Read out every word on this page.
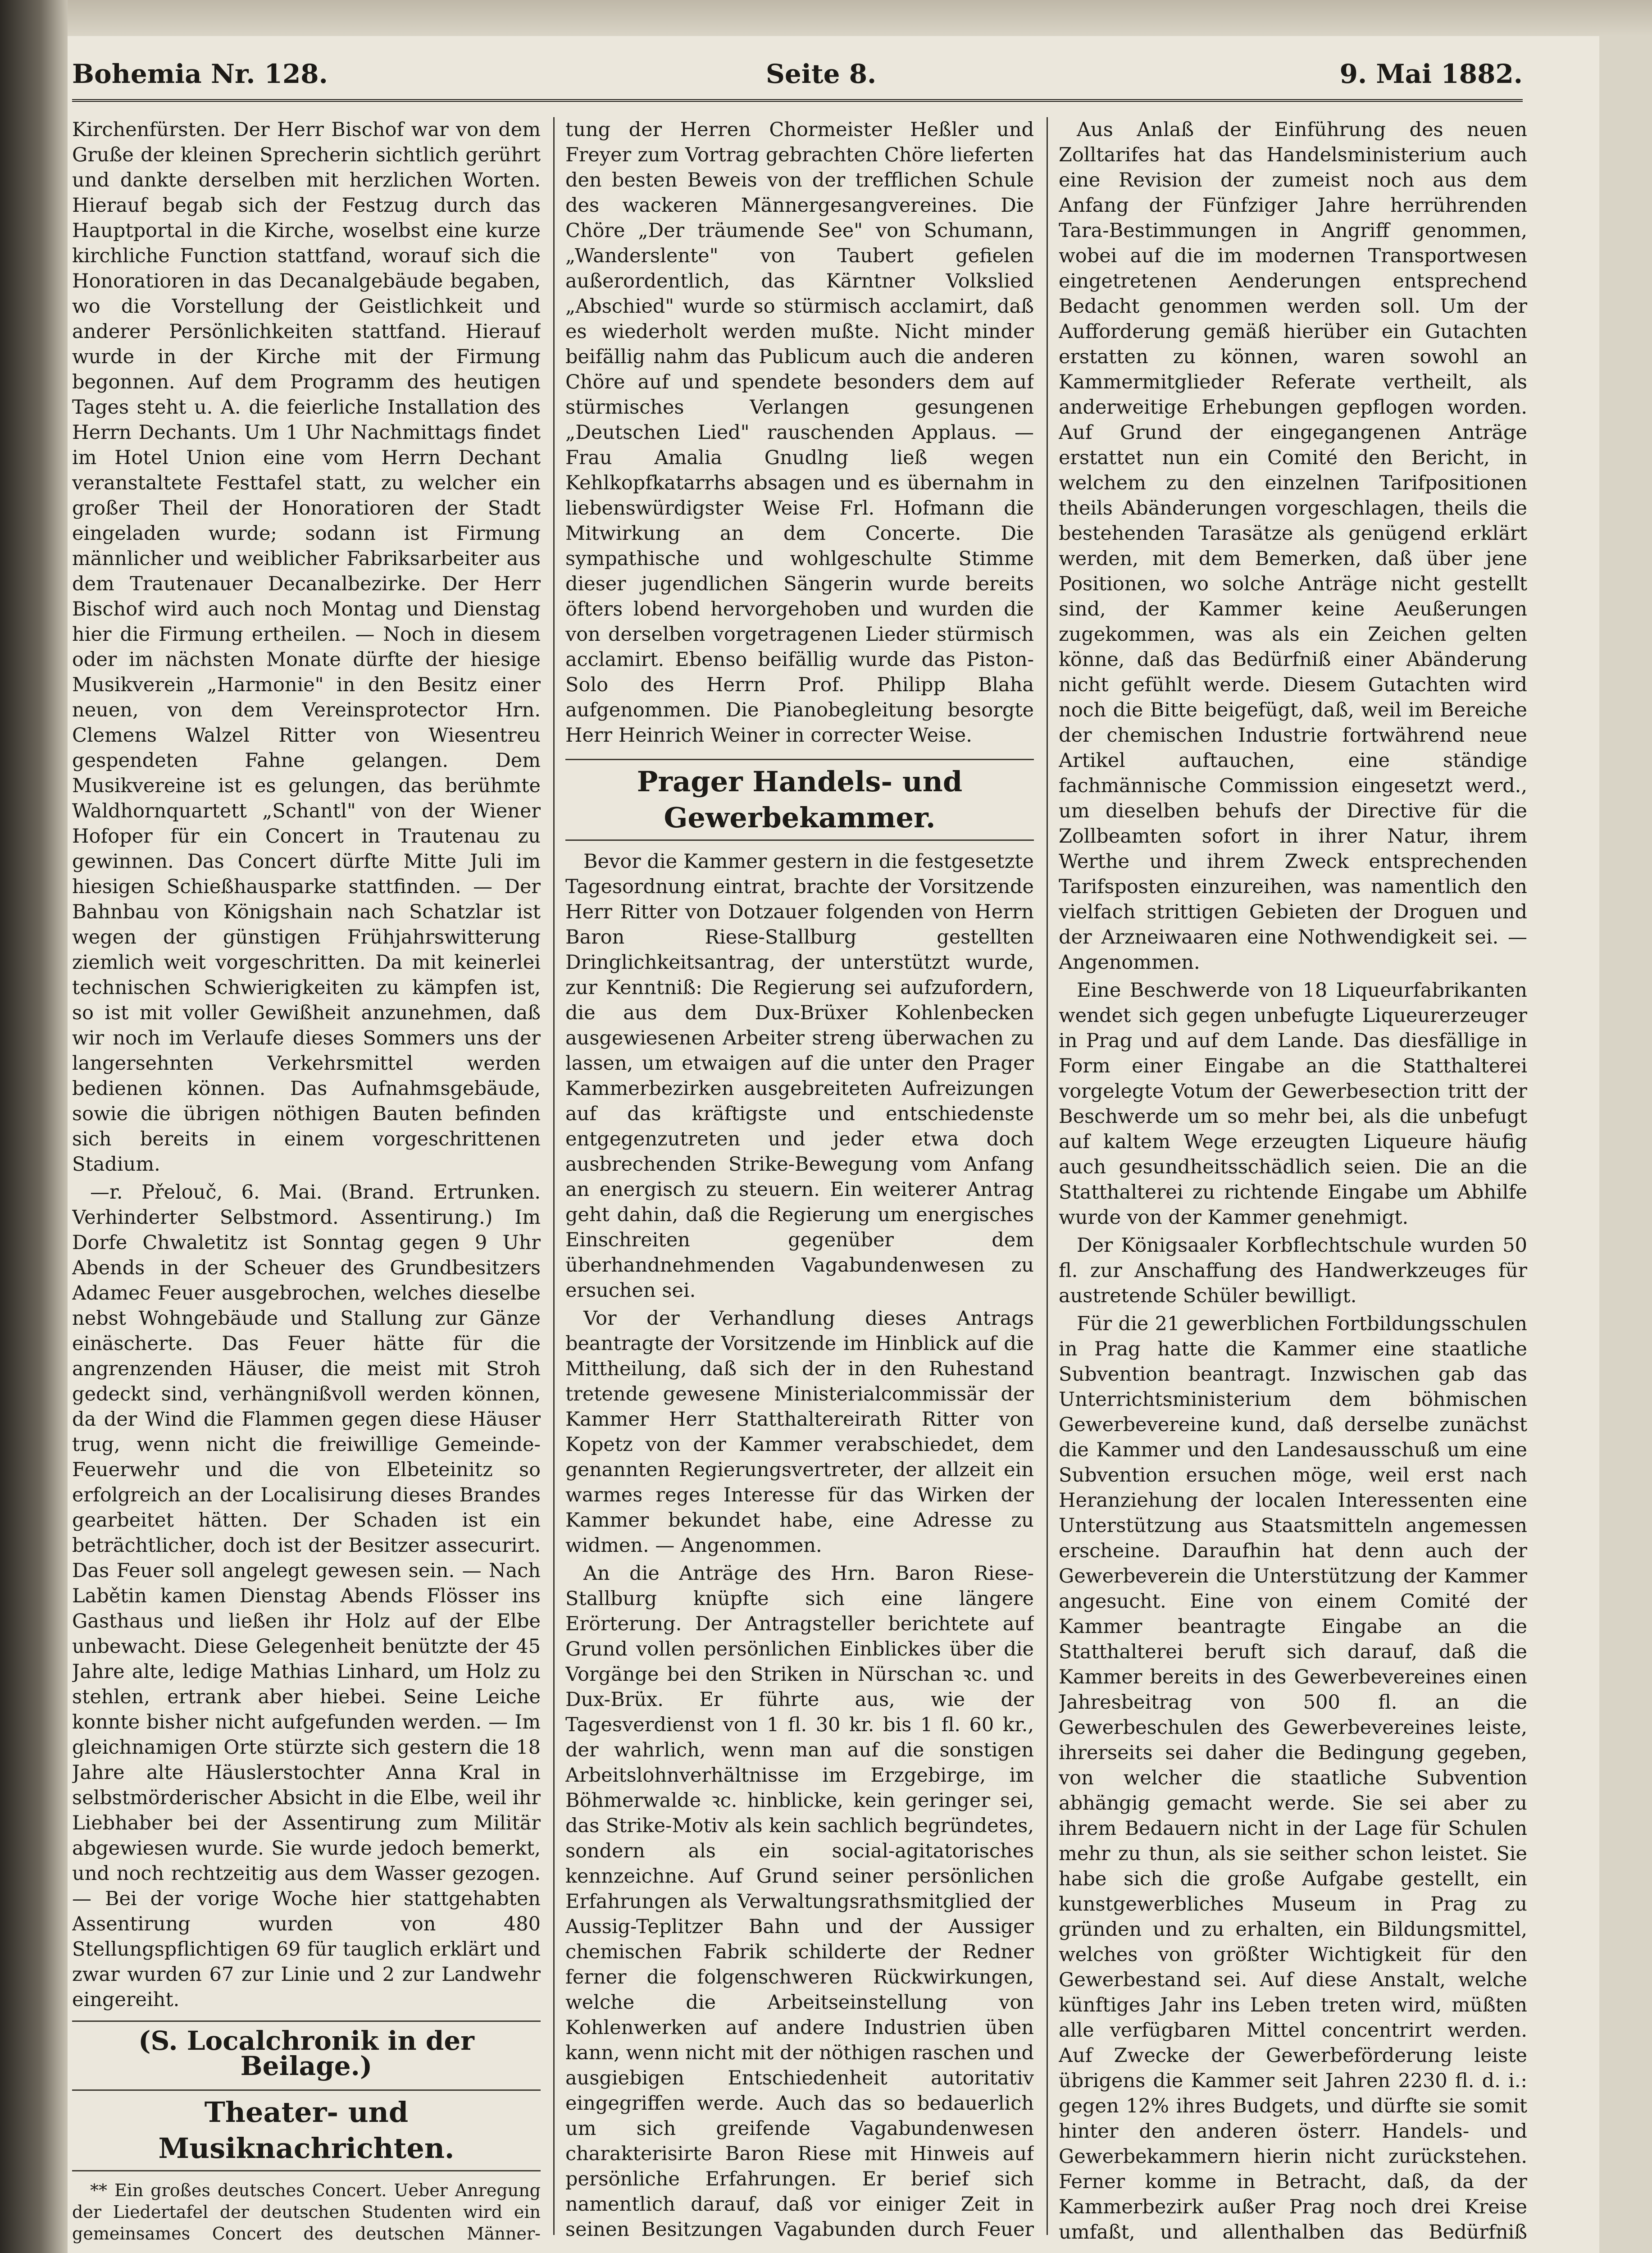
Bohemia Nr. 128.	Seite 8.	9. Mai 1882.

Kirchenfürsten. Der Herr Bischof war von dem Gruße der kleinen Sprecherin sichtlich gerührt und dankte derselben mit herzlichen Worten. Hierauf begab sich der Festzug durch das Hauptportal in die Kirche, woselbst eine kurze kirchliche Function stattfand, worauf sich die Honoratioren in das Decanalgebäude begaben, wo die Vorstellung der Geistlichkeit und anderer Persönlichkeiten stattfand. Hierauf wurde in der Kirche mit der Firmung begonnen. Auf dem Programm des heutigen Tages steht u. A. die feierliche Installation des Herrn Dechants. Um 1 Uhr Nachmittags findet im Hotel Union eine vom Herrn Dechant veranstaltete Festtafel statt, zu welcher ein großer Theil der Honoratioren der Stadt eingeladen wurde; sodann ist Firmung männlicher und weiblicher Fabriksarbeiter aus dem Trautenauer Decanalbezirke. Der Herr Bischof wird auch noch Montag und Dienstag hier die Firmung ertheilen. — Noch in diesem oder im nächsten Monate dürfte der hiesige Musikverein „Harmonie" in den Besitz einer neuen, von dem Vereinsprotector Hrn. Clemens Walzel Ritter von Wiesentreu gespendeten Fahne gelangen. Dem Musikvereine ist es gelungen, das berühmte Waldhornquartett „Schantl" von der Wiener Hofoper für ein Concert in Trautenau zu gewinnen. Das Concert dürfte Mitte Juli im hiesigen Schießhausparke stattfinden. — Der Bahnbau von Königshain nach Schatzlar ist wegen der günstigen Frühjahrswitterung ziemlich weit vorgeschritten. Da mit keinerlei technischen Schwierigkeiten zu kämpfen ist, so ist mit voller Gewißheit anzunehmen, daß wir noch im Verlaufe dieses Sommers uns der langersehnten Verkehrsmittel werden bedienen können. Das Aufnahmsgebäude, sowie die übrigen nöthigen Bauten befinden sich bereits in einem vorgeschrittenen Stadium.

—r. Přelouč, 6. Mai. (Brand. Ertrunken. Verhinderter Selbstmord. Assentirung.) Im Dorfe Chwaletitz ist Sonntag gegen 9 Uhr Abends in der Scheuer des Grundbesitzers Adamec Feuer ausgebrochen, welches dieselbe nebst Wohngebäude und Stallung zur Gänze einäscherte. Das Feuer hätte für die angrenzenden Häuser, die meist mit Stroh gedeckt sind, verhängnißvoll werden können, da der Wind die Flammen gegen diese Häuser trug, wenn nicht die freiwillige Gemeinde-Feuerwehr und die von Elbeteinitz so erfolgreich an der Localisirung dieses Brandes gearbeitet hätten. Der Schaden ist ein beträchtlicher, doch ist der Besitzer assecurirt. Das Feuer soll angelegt gewesen sein. — Nach Labětin kamen Dienstag Abends Flösser ins Gasthaus und ließen ihr Holz auf der Elbe unbewacht. Diese Gelegenheit benützte der 45 Jahre alte, ledige Mathias Linhard, um Holz zu stehlen, ertrank aber hiebei. Seine Leiche konnte bisher nicht aufgefunden werden. — Im gleichnamigen Orte stürzte sich gestern die 18 Jahre alte Häuslerstochter Anna Kral in selbstmörderischer Absicht in die Elbe, weil ihr Liebhaber bei der Assentirung zum Militär abgewiesen wurde. Sie wurde jedoch bemerkt, und noch rechtzeitig aus dem Wasser gezogen. — Bei der vorige Woche hier stattgehabten Assentirung wurden von 480 Stellungspflichtigen 69 für tauglich erklärt und zwar wurden 67 zur Linie und 2 zur Landwehr eingereiht.

(S. Localchronik in der Beilage.)
Theater- und Musiknachrichten.

** Ein großes deutsches Concert. Ueber Anregung der Liedertafel der deutschen Studenten wird ein gemeinsames Concert des deutschen Männer-

tung der Herren Chormeister Heßler und Freyer zum Vortrag gebrachten Chöre lieferten den besten Beweis von der trefflichen Schule des wackeren Männergesangvereines. Die Chöre „Der träumende See" von Schumann, „Wanderslente" von Taubert gefielen außerordentlich, das Kärntner Volkslied „Abschied" wurde so stürmisch acclamirt, daß es wiederholt werden mußte. Nicht minder beifällig nahm das Publicum auch die anderen Chöre auf und spendete besonders dem auf stürmisches Verlangen gesungenen „Deutschen Lied" rauschenden Applaus. — Frau Amalia Gnudlng ließ wegen Kehlkopfkatarrhs absagen und es übernahm in liebenswürdigster Weise Frl. Hofmann die Mitwirkung an dem Concerte. Die sympathische und wohlgeschulte Stimme dieser jugendlichen Sängerin wurde bereits öfters lobend hervorgehoben und wurden die von derselben vorgetragenen Lieder stürmisch acclamirt. Ebenso beifällig wurde das Piston-Solo des Herrn Prof. Philipp Blaha aufgenommen. Die Pianobegleitung besorgte Herr Heinrich Weiner in correcter Weise.

Prager Handels- und Gewerbekammer.

Bevor die Kammer gestern in die festgesetzte Tagesordnung eintrat, brachte der Vorsitzende Herr Ritter von Dotzauer folgenden von Herrn Baron Riese-Stallburg gestellten Dringlichkeitsantrag, der unterstützt wurde, zur Kenntniß: Die Regierung sei aufzufordern, die aus dem Dux-Brüxer Kohlenbecken ausgewiesenen Arbeiter streng überwachen zu lassen, um etwaigen auf die unter den Prager Kammerbezirken ausgebreiteten Aufreizungen auf das kräftigste und entschiedenste entgegenzutreten und jeder etwa doch ausbrechenden Strike-Bewegung vom Anfang an energisch zu steuern. Ein weiterer Antrag geht dahin, daß die Regierung um energisches Einschreiten gegenüber dem überhandnehmenden Vagabundenwesen zu ersuchen sei.

Vor der Verhandlung dieses Antrags beantragte der Vorsitzende im Hinblick auf die Mittheilung, daß sich der in den Ruhestand tretende gewesene Ministerialcommissär der Kammer Herr Statthaltereirath Ritter von Kopetz von der Kammer verabschiedet, dem genannten Regierungsvertreter, der allzeit ein warmes reges Interesse für das Wirken der Kammer bekundet habe, eine Adresse zu widmen. — Angenommen.

An die Anträge des Hrn. Baron Riese-Stallburg knüpfte sich eine längere Erörterung. Der Antragsteller berichtete auf Grund vollen persönlichen Einblickes über die Vorgänge bei den Striken in Nürschan ꝛc. und Dux-Brüx. Er führte aus, wie der Tagesverdienst von 1 fl. 30 kr. bis 1 fl. 60 kr., der wahrlich, wenn man auf die sonstigen Arbeitslohnverhältnisse im Erzgebirge, im Böhmerwalde ꝛc. hinblicke, kein geringer sei, das Strike-Motiv als kein sachlich begründetes, sondern als ein social-agitatorisches kennzeichne. Auf Grund seiner persönlichen Erfahrungen als Verwaltungsrathsmitglied der Aussig-Teplitzer Bahn und der Aussiger chemischen Fabrik schilderte der Redner ferner die folgenschweren Rückwirkungen, welche die Arbeitseinstellung von Kohlenwerken auf andere Industrien üben kann, wenn nicht mit der nöthigen raschen und ausgiebigen Entschiedenheit autoritativ eingegriffen werde. Auch das so bedauerlich um sich greifende Vagabundenwesen charakterisirte Baron Riese mit Hinweis auf persönliche Erfahrungen. Er berief sich namentlich darauf, daß vor einiger Zeit in seinen Besitzungen Vagabunden durch Feuer

Aus Anlaß der Einführung des neuen Zolltarifes hat das Handelsministerium auch eine Revision der zumeist noch aus dem Anfang der Fünfziger Jahre herrührenden Tara-Bestimmungen in Angriff genommen, wobei auf die im modernen Transportwesen eingetretenen Aenderungen entsprechend Bedacht genommen werden soll. Um der Aufforderung gemäß hierüber ein Gutachten erstatten zu können, waren sowohl an Kammermitglieder Referate vertheilt, als anderweitige Erhebungen gepflogen worden. Auf Grund der eingegangenen Anträge erstattet nun ein Comité den Bericht, in welchem zu den einzelnen Tarifpositionen theils Abänderungen vorgeschlagen, theils die bestehenden Tarasätze als genügend erklärt werden, mit dem Bemerken, daß über jene Positionen, wo solche Anträge nicht gestellt sind, der Kammer keine Aeußerungen zugekommen, was als ein Zeichen gelten könne, daß das Bedürfniß einer Abänderung nicht gefühlt werde. Diesem Gutachten wird noch die Bitte beigefügt, daß, weil im Bereiche der chemischen Industrie fortwährend neue Artikel auftauchen, eine ständige fachmännische Commission eingesetzt werd., um dieselben behufs der Directive für die Zollbeamten sofort in ihrer Natur, ihrem Werthe und ihrem Zweck entsprechenden Tarifsposten einzureihen, was namentlich den vielfach strittigen Gebieten der Droguen und der Arzneiwaaren eine Nothwendigkeit sei. — Angenommen.

Eine Beschwerde von 18 Liqueurfabrikanten wendet sich gegen unbefugte Liqueurerzeuger in Prag und auf dem Lande. Das diesfällige in Form einer Eingabe an die Statthalterei vorgelegte Votum der Gewerbesection tritt der Beschwerde um so mehr bei, als die unbefugt auf kaltem Wege erzeugten Liqueure häufig auch gesundheitsschädlich seien. Die an die Statthalterei zu richtende Eingabe um Abhilfe wurde von der Kammer genehmigt.

Der Königsaaler Korbflechtschule wurden 50 fl. zur Anschaffung des Handwerkzeuges für austretende Schüler bewilligt.

Für die 21 gewerblichen Fortbildungsschulen in Prag hatte die Kammer eine staatliche Subvention beantragt. Inzwischen gab das Unterrichtsministerium dem böhmischen Gewerbevereine kund, daß derselbe zunächst die Kammer und den Landesausschuß um eine Subvention ersuchen möge, weil erst nach Heranziehung der localen Interessenten eine Unterstützung aus Staatsmitteln angemessen erscheine. Daraufhin hat denn auch der Gewerbeverein die Unterstützung der Kammer angesucht. Eine von einem Comité der Kammer beantragte Eingabe an die Statthalterei beruft sich darauf, daß die Kammer bereits in des Gewerbevereines einen Jahresbeitrag von 500 fl. an die Gewerbeschulen des Gewerbevereines leiste, ihrerseits sei daher die Bedingung gegeben, von welcher die staatliche Subvention abhängig gemacht werde. Sie sei aber zu ihrem Bedauern nicht in der Lage für Schulen mehr zu thun, als sie seither schon leistet. Sie habe sich die große Aufgabe gestellt, ein kunstgewerbliches Museum in Prag zu gründen und zu erhalten, ein Bildungsmittel, welches von größter Wichtigkeit für den Gewerbestand sei. Auf diese Anstalt, welche künftiges Jahr ins Leben treten wird, müßten alle verfügbaren Mittel concentrirt werden. Auf Zwecke der Gewerbeförderung leiste übrigens die Kammer seit Jahren 2230 fl. d. i.: gegen 12% ihres Budgets, und dürfte sie somit hinter den anderen österr. Handels- und Gewerbekammern hierin nicht zurückstehen. Ferner komme in Betracht, daß, da der Kammerbezirk außer Prag noch drei Kreise umfaßt, und allenthalben das Bedürfniß
